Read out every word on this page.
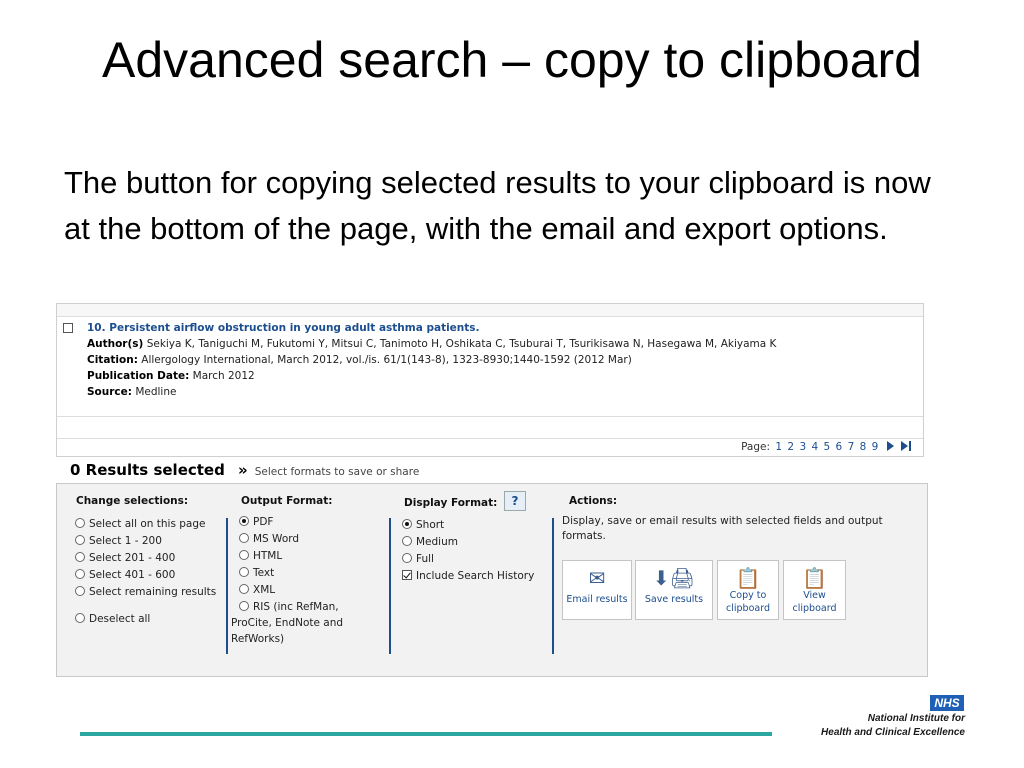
Advanced search – copy to clipboard
The button for copying selected results to your clipboard is now at the bottom of the page, with the email and export options.
10. Persistent airflow obstruction in young adult asthma patients.
Author(s) Sekiya K, Taniguchi M, Fukutomi Y, Mitsui C, Tanimoto H, Oshikata C, Tsuburai T, Tsurikisawa N, Hasegawa M, Akiyama K
Citation: Allergology International, March 2012, vol./is. 61/1(143-8), 1323-8930;1440-1592 (2012 Mar)
Publication Date: March 2012
Source: Medline
Page: 1 2 3 4 5 6 7 8 9
0 Results selected » Select formats to save or share
Change selections:
Select all on this page
Select 1 - 200
Select 201 - 400
Select 401 - 600
Select remaining results
Deselect all
Output Format:
PDF
MS Word
HTML
Text
XML
RIS (inc RefMan,
ProCite, EndNote and
RefWorks)
Display Format:
Short
Medium
Full
Include Search History
?	Actions:
Display, save or email results with selected fields and output formats.
✉
Email results
⬇🖨
Save results
📋
Copy to
clipboard
📋
View
clipboard
NHS
National Institute for
Health and Clinical Excellence
